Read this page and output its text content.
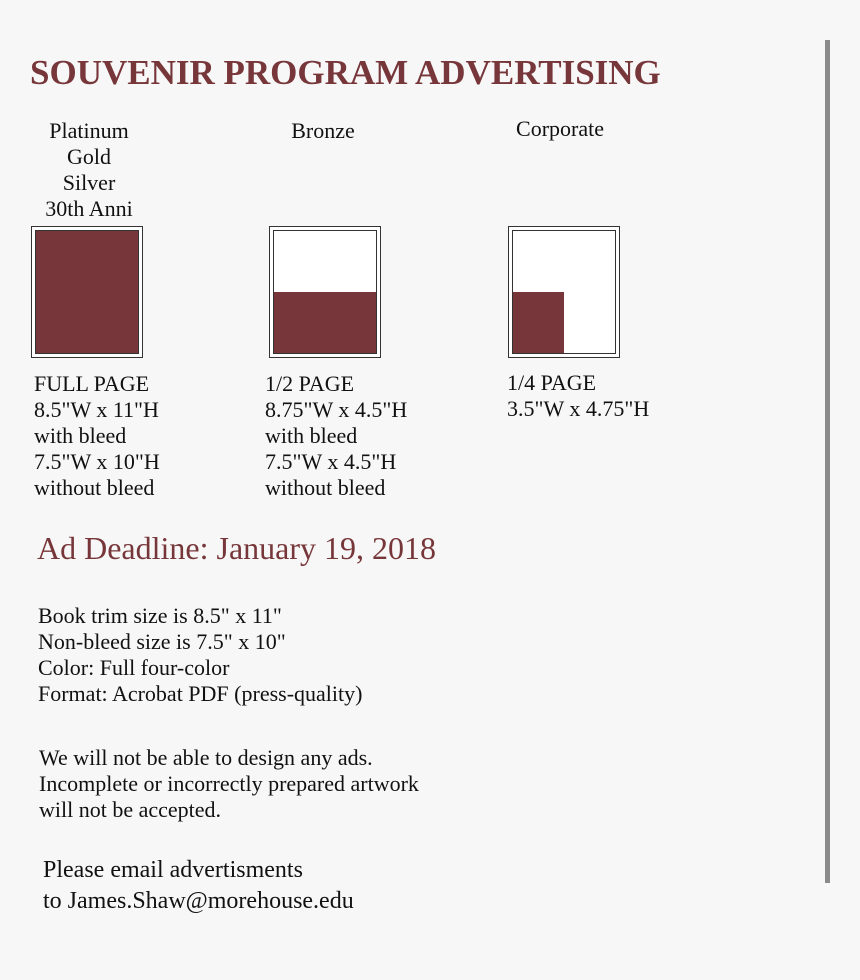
SOUVENIR PROGRAM ADVERTISING
Platinum
Gold
Silver
30th Anni
Bronze	Corporate
FULL PAGE
8.5"W x 11"H
with bleed
7.5"W x 10"H
without bleed
1/2 PAGE
8.75"W x 4.5"H
with bleed
7.5"W x 4.5"H
without bleed
1/4 PAGE
3.5"W x 4.75"H
Ad Deadline: January 19, 2018
Book trim size is 8.5" x 11"
Non-bleed size is 7.5" x 10"
Color: Full four-color
Format: Acrobat PDF (press-quality)
We will not be able to design any ads.
Incomplete or incorrectly prepared artwork
will not be accepted.
Please email advertisments
to James.Shaw@morehouse.edu
